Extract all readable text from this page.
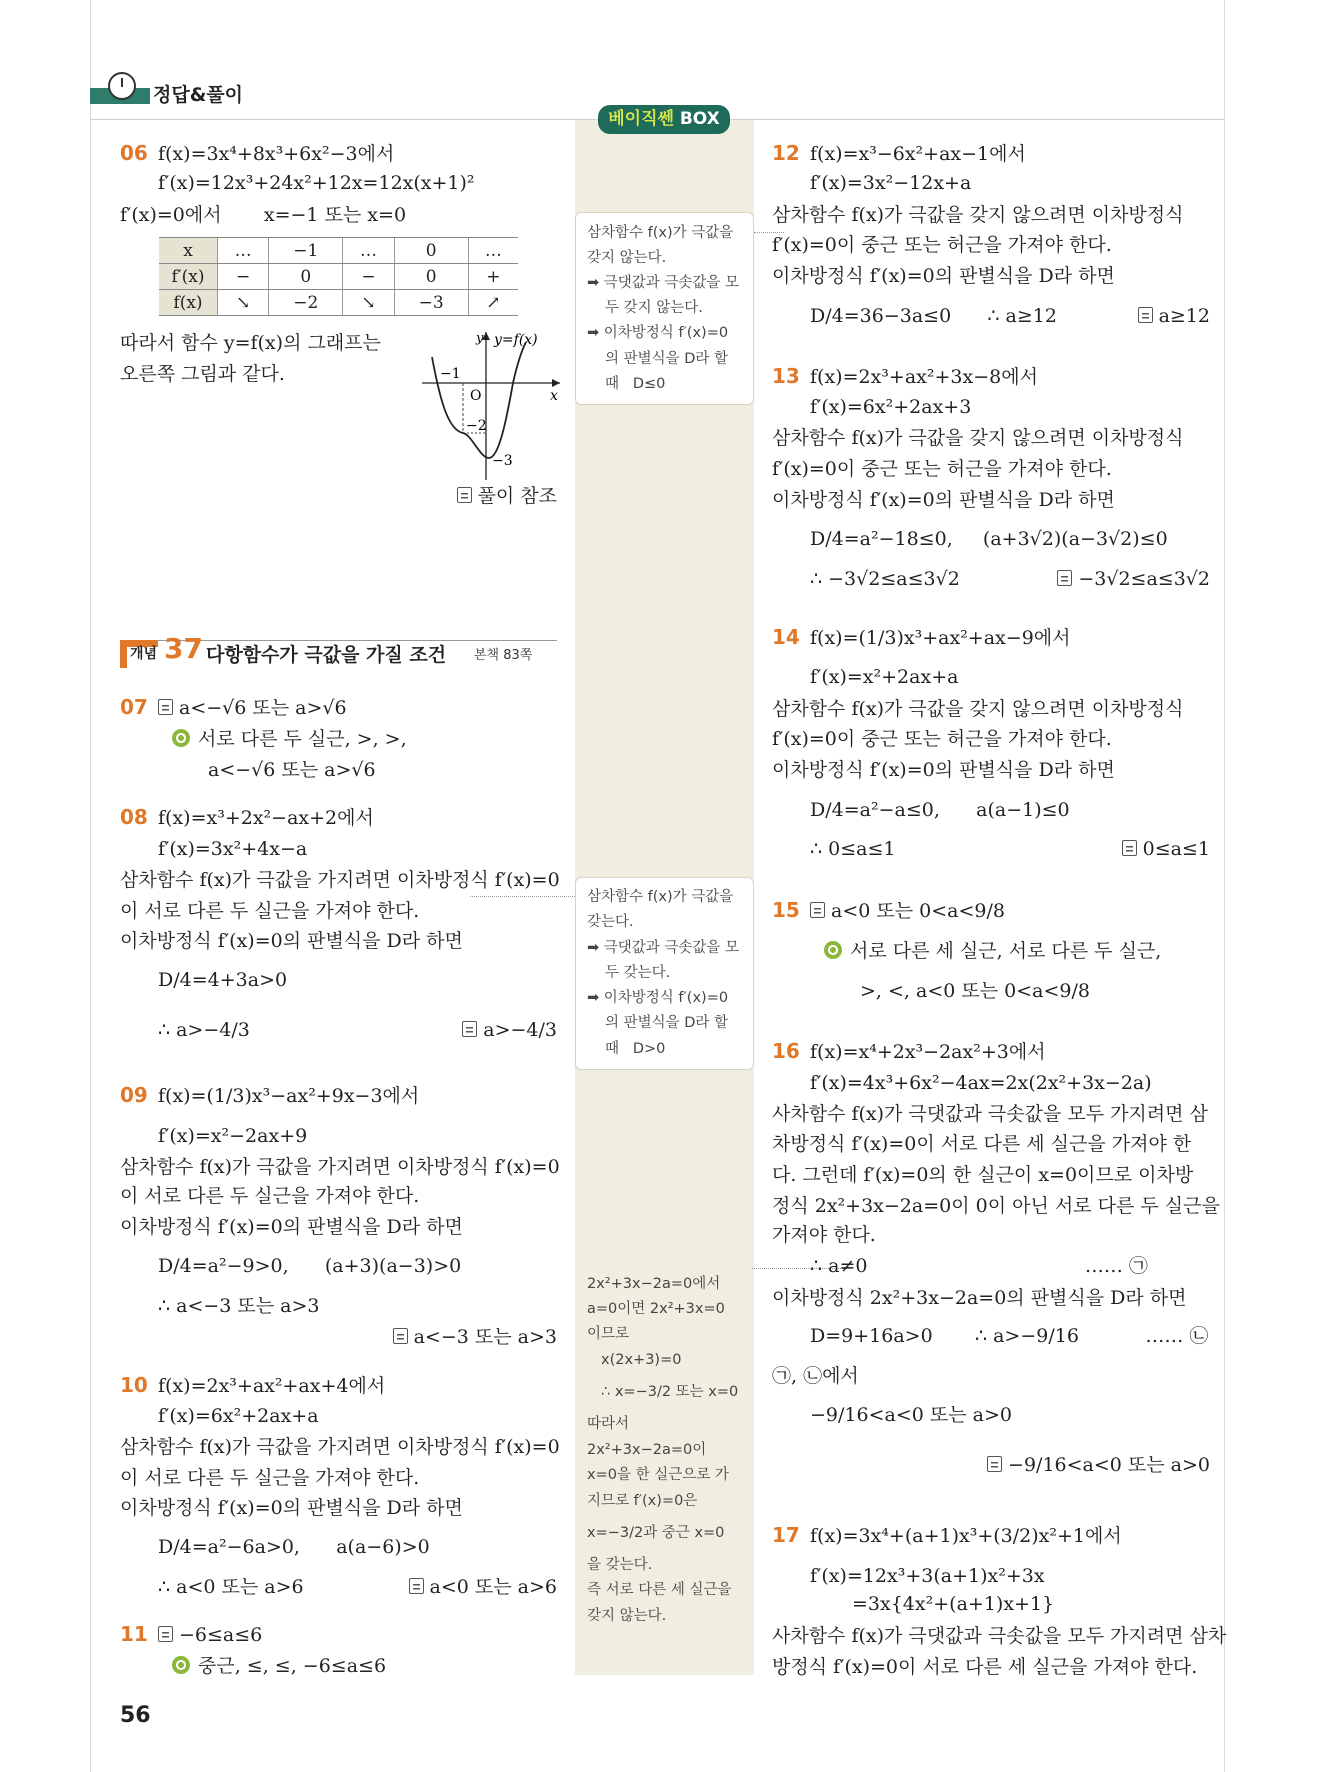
정답&풀이
베이직쎈 BOX
개념 37 다항함수가 극값을 가질 조건 본책 83쪽
x	…	−1	…	0	…
f′(x)	−	0	−	0	+
f(x)	↘	−2	↘	−3	↗
y y=f(x)
x
O
−1
−2
−3
56
06 f(x)=3x⁴+8x³+6x²−3에서
f′(x)=12x³+24x²+12x=12x(x+1)²
f′(x)=0에서       x=−1 또는 x=0
따라서 함수 y=f(x)의 그래프는
오른쪽 그림과 같다.
풀이 참조
07	a<−√6 또는 a>√6
서로 다른 두 실근, >, >,
a<−√6 또는 a>√6
08 f(x)=x³+2x²−ax+2에서
f′(x)=3x²+4x−a
삼차함수 f(x)가 극값을 가지려면 이차방정식 f′(x)=0
이 서로 다른 두 실근을 가져야 한다.
이차방정식 f′(x)=0의 판별식을 D라 하면
D/4=4+3a>0
∴ a>−4/3	a>−4/3
09 f(x)=(1/3)x³−ax²+9x−3에서
f′(x)=x²−2ax+9
삼차함수 f(x)가 극값을 가지려면 이차방정식 f′(x)=0
이 서로 다른 두 실근을 가져야 한다.
이차방정식 f′(x)=0의 판별식을 D라 하면
D/4=a²−9>0,      (a+3)(a−3)>0
∴ a<−3 또는 a>3
a<−3 또는 a>3
10 f(x)=2x³+ax²+ax+4에서
f′(x)=6x²+2ax+a
삼차함수 f(x)가 극값을 가지려면 이차방정식 f′(x)=0
이 서로 다른 두 실근을 가져야 한다.
이차방정식 f′(x)=0의 판별식을 D라 하면
D/4=a²−6a>0,      a(a−6)>0
∴ a<0 또는 a>6	a<0 또는 a>6
11	−6≤a≤6
중근, ≤, ≤, −6≤a≤6
12 f(x)=x³−6x²+ax−1에서
f′(x)=3x²−12x+a
삼차함수 f(x)가 극값을 갖지 않으려면 이차방정식
f′(x)=0이 중근 또는 허근을 가져야 한다.
이차방정식 f′(x)=0의 판별식을 D라 하면
D/4=36−3a≤0      ∴ a≥12	a≥12
13 f(x)=2x³+ax²+3x−8에서
f′(x)=6x²+2ax+3
삼차함수 f(x)가 극값을 갖지 않으려면 이차방정식
f′(x)=0이 중근 또는 허근을 가져야 한다.
이차방정식 f′(x)=0의 판별식을 D라 하면
D/4=a²−18≤0,     (a+3√2)(a−3√2)≤0
∴ −3√2≤a≤3√2	−3√2≤a≤3√2
14 f(x)=(1/3)x³+ax²+ax−9에서
f′(x)=x²+2ax+a
삼차함수 f(x)가 극값을 갖지 않으려면 이차방정식
f′(x)=0이 중근 또는 허근을 가져야 한다.
이차방정식 f′(x)=0의 판별식을 D라 하면
D/4=a²−a≤0,      a(a−1)≤0
∴ 0≤a≤1	0≤a≤1
15	a<0 또는 0<a<9/8
서로 다른 세 실근, 서로 다른 두 실근,
>, <, a<0 또는 0<a<9/8
16 f(x)=x⁴+2x³−2ax²+3에서
f′(x)=4x³+6x²−4ax=2x(2x²+3x−2a)
사차함수 f(x)가 극댓값과 극솟값을 모두 가지려면 삼
차방정식 f′(x)=0이 서로 다른 세 실근을 가져야 한
다. 그런데 f′(x)=0의 한 실근이 x=0이므로 이차방
정식 2x²+3x−2a=0이 0이 아닌 서로 다른 두 실근을
가져야 한다.
∴ a≠0                                    …… ㉠
이차방정식 2x²+3x−2a=0의 판별식을 D라 하면
D=9+16a>0       ∴ a>−9/16           …… ㉡
㉠, ㉡에서
−9/16<a<0 또는 a>0
−9/16<a<0 또는 a>0
17 f(x)=3x⁴+(a+1)x³+(3/2)x²+1에서
f′(x)=12x³+3(a+1)x²+3x
=3x{4x²+(a+1)x+1}
사차함수 f(x)가 극댓값과 극솟값을 모두 가지려면 삼차
방정식 f′(x)=0이 서로 다른 세 실근을 가져야 한다.
삼차함수 f(x)가 극값을
갖지 않는다.
➡ 극댓값과 극솟값을 모
두 갖지 않는다.
➡ 이차방정식 f′(x)=0
의 판별식을 D라 할
때   D≤0
삼차함수 f(x)가 극값을
갖는다.
➡ 극댓값과 극솟값을 모
두 갖는다.
➡ 이차방정식 f′(x)=0
의 판별식을 D라 할
때   D>0
2x²+3x−2a=0에서
a=0이면 2x²+3x=0
이므로
x(2x+3)=0
∴ x=−3/2 또는 x=0
따라서
2x²+3x−2a=0이
x=0을 한 실근으로 가
지므로 f′(x)=0은
x=−3/2과 중근 x=0
을 갖는다.
즉 서로 다른 세 실근을
갖지 않는다.
